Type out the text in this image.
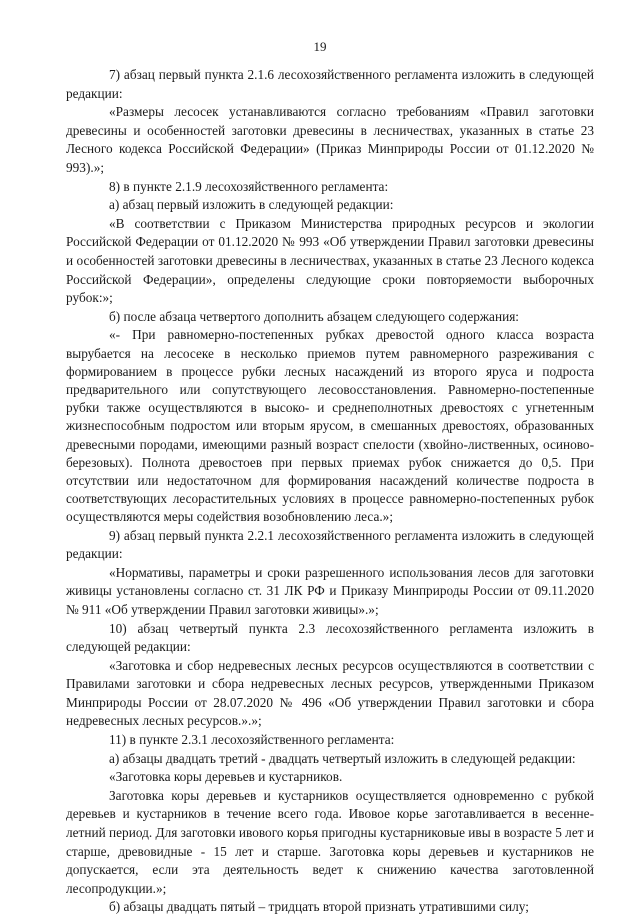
19

7) абзац первый пункта 2.1.6 лесохозяйственного регламента изложить в следующей редакции:

«Размеры лесосек устанавливаются согласно требованиям «Правил заготовки древесины и особенностей заготовки древесины в лесничествах, указанных в статье 23 Лесного кодекса Российской Федерации» (Приказ Минприроды России от 01.12.2020 № 993).»;

8) в пункте 2.1.9 лесохозяйственного регламента:

а) абзац первый изложить в следующей редакции:

«В соответствии с Приказом Министерства природных ресурсов и экологии Российской Федерации от 01.12.2020 № 993 «Об утверждении Правил заготовки древесины и особенностей заготовки древесины в лесничествах, указанных в статье 23 Лесного кодекса Российской Федерации», определены следующие сроки повторяемости выборочных рубок:»;

б) после абзаца четвертого дополнить абзацем следующего содержания:

«- При равномерно-постепенных рубках древостой одного класса возраста вырубается на лесосеке в несколько приемов путем равномерного разреживания с формированием в процессе рубки лесных насаждений из второго яруса и подроста предварительного или сопутствующего лесовосстановления. Равномерно-постепенные рубки также осуществляются в высоко- и среднеполнотных древостоях с угнетенным жизнеспособным подростом или вторым ярусом, в смешанных древостоях, образованных древесными породами, имеющими разный возраст спелости (хвойно-лиственных, осиново-березовых). Полнота древостоев при первых приемах рубок снижается до 0,5. При отсутствии или недостаточном для формирования насаждений количестве подроста в соответствующих лесорастительных условиях в процессе равномерно-постепенных рубок осуществляются меры содействия возобновлению леса.»;

9) абзац первый пункта 2.2.1 лесохозяйственного регламента изложить в следующей редакции:

«Нормативы, параметры и сроки разрешенного использования лесов для заготовки живицы установлены согласно ст. 31 ЛК РФ и Приказу Минприроды России от 09.11.2020 № 911 «Об утверждении Правил заготовки живицы».»;

10) абзац четвертый пункта 2.3 лесохозяйственного регламента изложить в следующей редакции:

«Заготовка и сбор недревесных лесных ресурсов осуществляются в соответствии с Правилами заготовки и сбора недревесных лесных ресурсов, утвержденными Приказом Минприроды России от 28.07.2020 № 496 «Об утверждении Правил заготовки и сбора недревесных лесных ресурсов.».»;

11) в пункте 2.3.1 лесохозяйственного регламента:

а) абзацы двадцать третий - двадцать четвертый изложить в следующей редакции:

«Заготовка коры деревьев и кустарников.

Заготовка коры деревьев и кустарников осуществляется одновременно с рубкой деревьев и кустарников в течение всего года. Ивовое корье заготавливается в весенне-летний период. Для заготовки ивового корья пригодны кустарниковые ивы в возрасте 5 лет и старше, древовидные - 15 лет и старше. Заготовка коры деревьев и кустарников не допускается, если эта деятельность ведет к снижению качества заготовленной лесопродукции.»;

б) абзацы двадцать пятый – тридцать второй признать утратившими силу;
